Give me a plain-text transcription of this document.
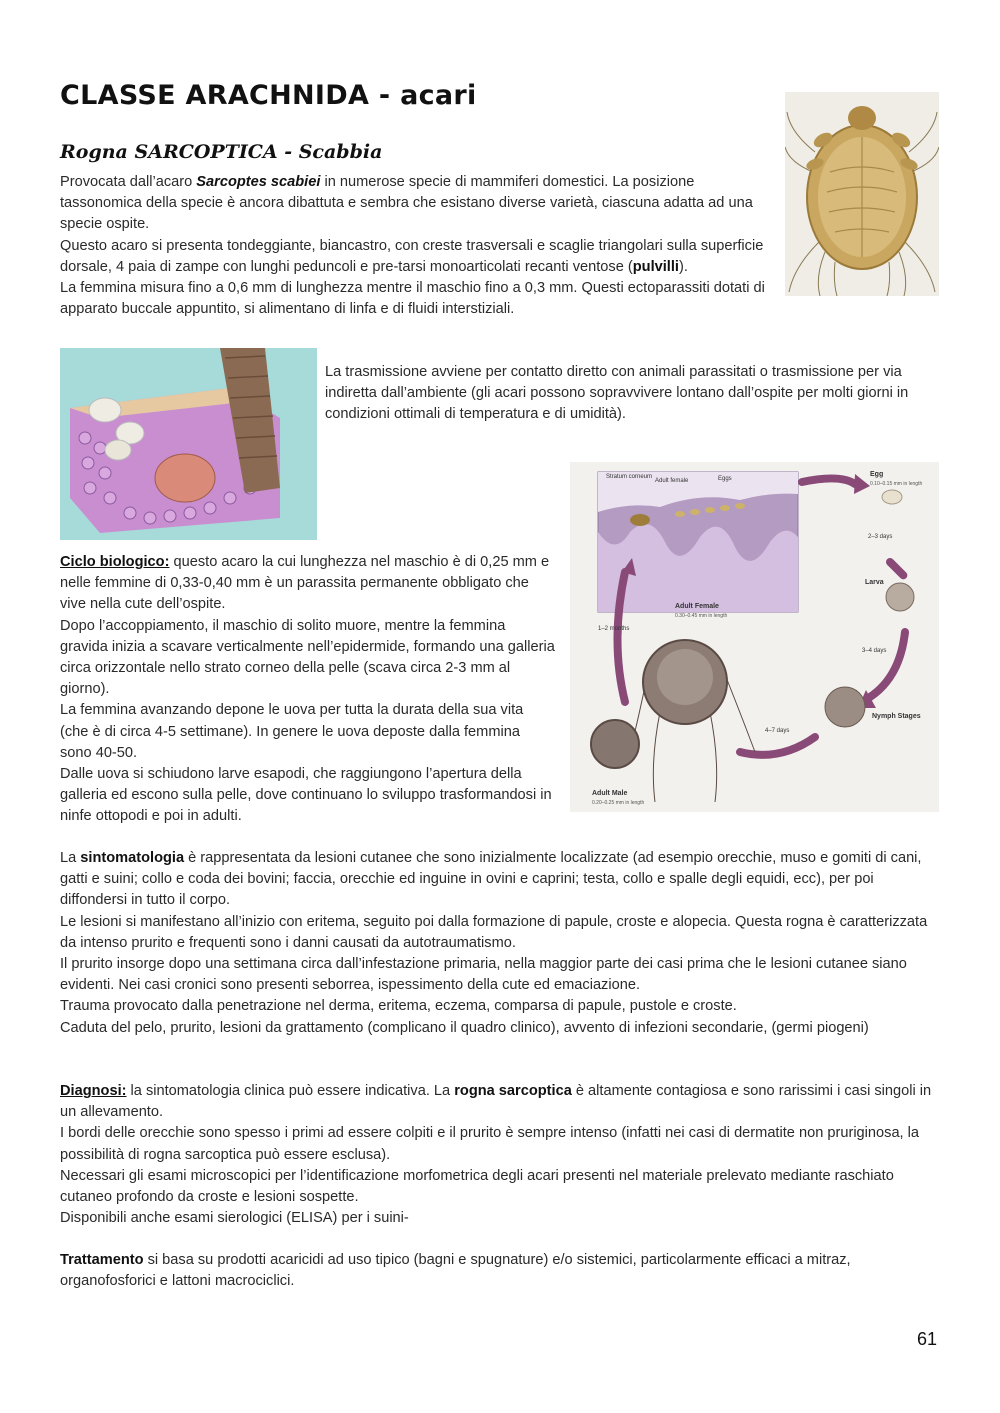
CLASSE ARACHNIDA - acari
Rogna SARCOPTICA - Scabbia

Provocata dall’acaro Sarcoptes scabiei in numerose specie di mammiferi domestici. La posizione tassonomica della specie è ancora dibattuta e sembra che esistano diverse varietà, ciascuna adatta ad una specie ospite.

Questo acaro si presenta tondeggiante, biancastro, con creste trasversali e scaglie triangolari sulla superficie dorsale, 4 paia di zampe con lunghi peduncoli e pre-tarsi monoarticolati recanti ventose (pulvilli).

La femmina misura fino a 0,6 mm di lunghezza mentre il maschio fino a 0,3 mm. Questi ectoparassiti dotati di apparato buccale appuntito, si alimentano di linfa e di fluidi interstiziali.

La trasmissione avviene per contatto diretto con animali parassitati o trasmissione per via indiretta dall’ambiente (gli acari possono sopravvivere lontano dall’ospite per molti giorni in condizioni ottimali di temperatura e di umidità).

Stratum corneum
Adult female	Eggs
Egg
0.10–0.15 mm in length
2–3 days
Larva
3–4 days
Nymph Stages
4–7 days
Adult Female
0.30–0.45 mm in length
1–2 months
Adult Male
0.20–0.25 mm in length

Ciclo biologico: questo acaro la cui lunghezza nel maschio è di 0,25 mm e nelle femmine di 0,33-0,40 mm è un parassita permanente obbligato che vive nella cute dell’ospite.

Dopo l’accoppiamento, il maschio di solito muore, mentre la femmina gravida inizia a scavare verticalmente nell’epidermide, formando una galleria circa orizzontale nello strato corneo della pelle (scava circa 2-3 mm al giorno).

La femmina avanzando depone le uova per tutta la durata della sua vita (che è di circa 4-5 settimane). In genere le uova deposte dalla femmina sono 40-50.

Dalle uova si schiudono larve esapodi, che raggiungono l’apertura della galleria ed escono sulla pelle, dove continuano lo sviluppo trasformandosi in ninfe ottopodi e poi in adulti.

La sintomatologia è rappresentata da lesioni cutanee che sono inizialmente localizzate (ad esempio orecchie, muso e gomiti di cani, gatti e suini; collo e coda dei bovini; faccia, orecchie ed inguine in ovini e caprini; testa, collo e spalle degli equidi, ecc), per poi diffondersi in tutto il corpo.

Le lesioni si manifestano all’inizio con eritema, seguito poi dalla formazione di papule, croste e alopecia. Questa rogna è caratterizzata da intenso prurito e frequenti sono i danni causati da autotraumatismo.

Il prurito insorge dopo una settimana circa dall’infestazione primaria, nella maggior parte dei casi prima che le lesioni cutanee siano evidenti. Nei casi cronici sono presenti seborrea, ispessimento della cute ed emaciazione.

Trauma provocato dalla penetrazione nel derma, eritema, eczema, comparsa di papule, pustole e croste.

Caduta del pelo, prurito, lesioni da grattamento (complicano il quadro clinico), avvento di infezioni secondarie, (germi piogeni)

Diagnosi: la sintomatologia clinica può essere indicativa. La rogna sarcoptica è altamente contagiosa e sono rarissimi i casi singoli in un allevamento.

I bordi delle orecchie sono spesso i primi ad essere colpiti e il prurito è sempre intenso (infatti nei casi di dermatite non pruriginosa, la possibilità di rogna sarcoptica può essere esclusa).

Necessari gli esami microscopici per l’identificazione morfometrica degli acari presenti nel materiale prelevato mediante raschiato cutaneo profondo da croste e lesioni sospette.

Disponibili anche esami sierologici (ELISA) per i suini-

Trattamento si basa su prodotti acaricidi ad uso tipico (bagni e spugnature) e/o sistemici, particolarmente efficaci a mitraz, organofosforici e lattoni macrociclici.

61
